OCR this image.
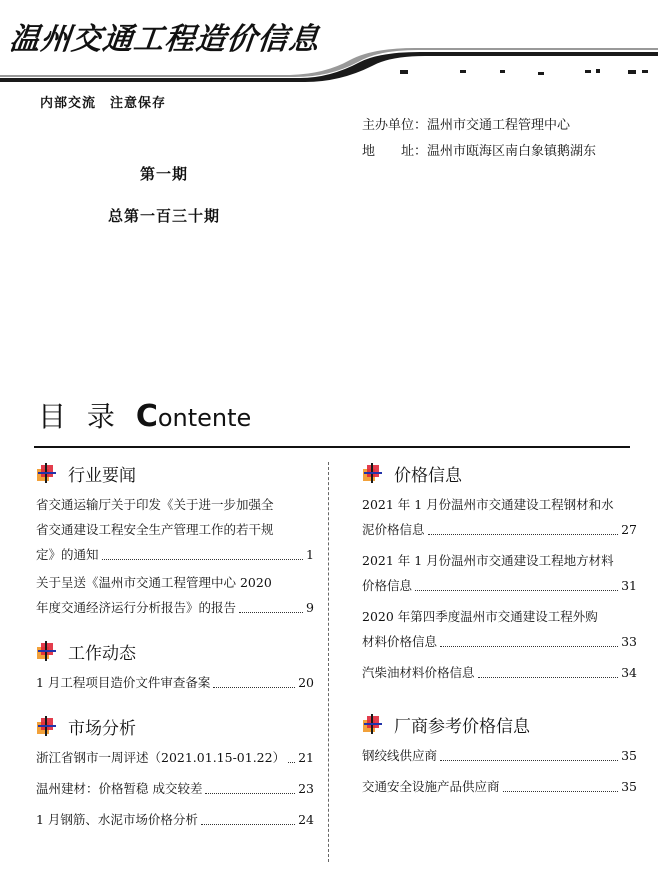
温州交通工程造价信息
内部交流　注意保存
主办单位：温州市交通工程管理中心
地　　址：温州市瓯海区南白象镇鹅湖东
第一期
总第一百三十期
目 录 Contente
行业要闻
省交通运输厅关于印发《关于进一步加强全
省交通建设工程安全生产管理工作的若干规
定》的通知	1
关于呈送《温州市交通工程管理中心 2020
年度交通经济运行分析报告》的报告	9
工作动态
1 月工程项目造价文件审查备案	20
市场分析
浙江省钢市一周评述（2021.01.15-01.22） 21
温州建材：价格暂稳 成交较差	23
1 月钢筋、水泥市场价格分析	24
价格信息
2021 年 1 月份温州市交通建设工程钢材和水
泥价格信息	27
2021 年 1 月份温州市交通建设工程地方材料
价格信息	31
2020 年第四季度温州市交通建设工程外购
材料价格信息	33
汽柴油材料价格信息	34
厂商参考价格信息
钢绞线供应商	35
交通安全设施产品供应商	35
